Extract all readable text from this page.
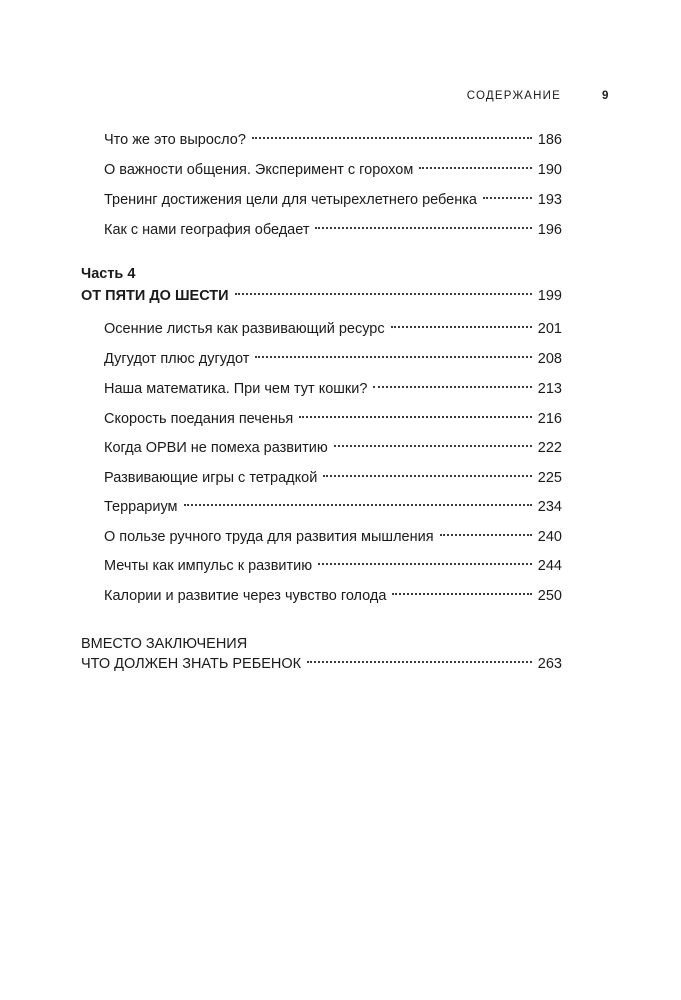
СОДЕРЖАНИЕ	9
Что же это выросло?	186
О важности общения. Эксперимент с горохом	190
Тренинг достижения цели для четырехлетнего ребенка	193
Как с нами география обедает	196
Часть 4
ОТ ПЯТИ ДО ШЕСТИ	199
Осенние листья как развивающий ресурс	201
Дугудот плюс дугудот	208
Наша математика. При чем тут кошки?	213
Скорость поедания печенья	216
Когда ОРВИ не помеха развитию	222
Развивающие игры с тетрадкой	225
Террариум	234
О пользе ручного труда для развития мышления	240
Мечты как импульс к развитию	244
Калории и развитие через чувство голода	250
ВМЕСТО ЗАКЛЮЧЕНИЯ
ЧТО ДОЛЖЕН ЗНАТЬ РЕБЕНОК	263
